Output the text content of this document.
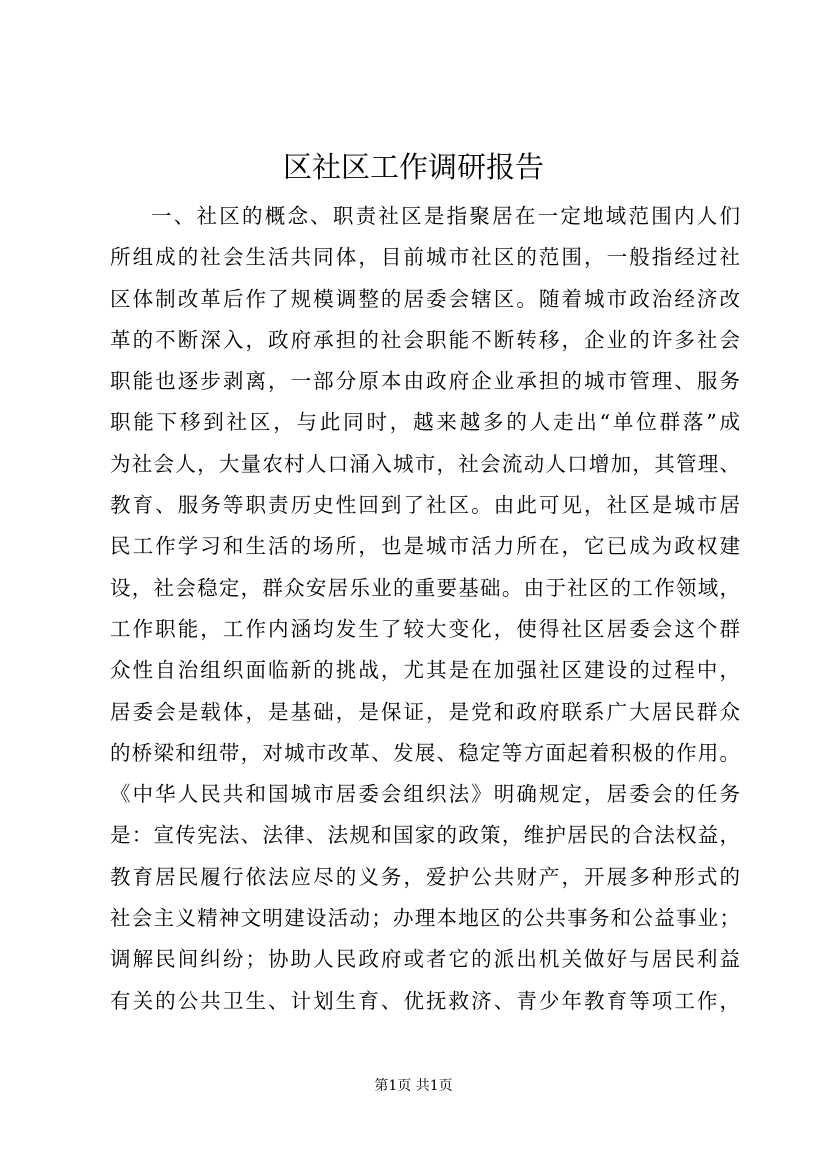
区社区工作调研报告
一、社区的概念、职责社区是指聚居在一定地域范围内人们
所组成的社会生活共同体，目前城市社区的范围，一般指经过社
区体制改革后作了规模调整的居委会辖区。随着城市政治经济改
革的不断深入，政府承担的社会职能不断转移，企业的许多社会
职能也逐步剥离，一部分原本由政府企业承担的城市管理、服务
职能下移到社区，与此同时，越来越多的人走出“单位群落”成
为社会人，大量农村人口涌入城市，社会流动人口增加，其管理、
教育、服务等职责历史性回到了社区。由此可见，社区是城市居
民工作学习和生活的场所，也是城市活力所在，它已成为政权建
设，社会稳定，群众安居乐业的重要基础。由于社区的工作领域，
工作职能，工作内涵均发生了较大变化，使得社区居委会这个群
众性自治组织面临新的挑战，尤其是在加强社区建设的过程中，
居委会是载体，是基础，是保证，是党和政府联系广大居民群众
的桥梁和纽带，对城市改革、发展、稳定等方面起着积极的作用。
《中华人民共和国城市居委会组织法》明确规定，居委会的任务
是：宣传宪法、法律、法规和国家的政策，维护居民的合法权益，
教育居民履行依法应尽的义务，爱护公共财产，开展多种形式的
社会主义精神文明建设活动；办理本地区的公共事务和公益事业；
调解民间纠纷；协助人民政府或者它的派出机关做好与居民利益
有关的公共卫生、计划生育、优抚救济、青少年教育等项工作，
第1页 共1页
